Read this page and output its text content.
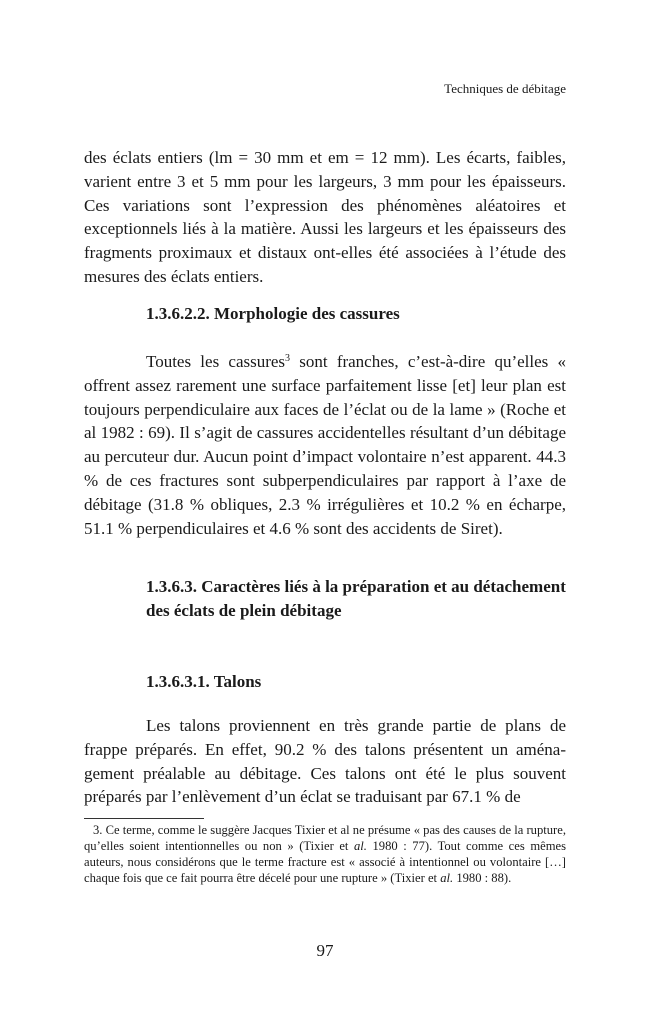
Techniques de débitage

des éclats entiers (lm = 30 mm et em = 12 mm). Les écarts, faibles, varient entre 3 et 5 mm pour les largeurs, 3 mm pour les épaisseurs. Ces variations sont l’expression des phénomènes aléatoires et exceptionnels liés à la matière. Aussi les largeurs et les épaisseurs des fragments proximaux et distaux ont-elles été associées à l’étude des mesures des éclats entiers.

1.3.6.2.2. Morphologie des cassures

Toutes les cassures$^3$ sont franches, c’est-à-dire qu’elles « offrent assez rarement une surface parfaitement lisse [et] leur plan est toujours perpendiculaire aux faces de l’éclat ou de la lame » (Roche et al 1982 : 69). Il s’agit de cassures accidentelles résultant d’un débitage au percuteur dur. Aucun point d’impact volontaire n’est apparent. 44.3 % de ces fractures sont subperpendiculaires par rapport à l’axe de débitage (31.8 % obliques, 2.3 % irrégulières et 10.2 % en écharpe, 51.1 % perpendiculaires et 4.6 % sont des accidents de Siret).

1.3.6.3. Caractères liés à la préparation et au détachement des éclats de plein débitage
1.3.6.3.1. Talons

Les talons proviennent en très grande partie de plans de frappe préparés. En effet, 90.2 % des talons présentent un aménagement préalable au débitage. Ces talons ont été le plus souvent préparés par l’enlèvement d’un éclat se traduisant par 67.1 % de

3. Ce terme, comme le suggère Jacques Tixier et al ne présume « pas des causes de la rupture, qu’elles soient intentionnelles ou non » (Tixier et al. 1980 : 77). Tout comme ces mêmes auteurs, nous considérons que le terme fracture est « associé à intentionnel ou volontaire […] chaque fois que ce fait pourra être décelé pour une rupture » (Tixier et al. 1980 : 88).

97
